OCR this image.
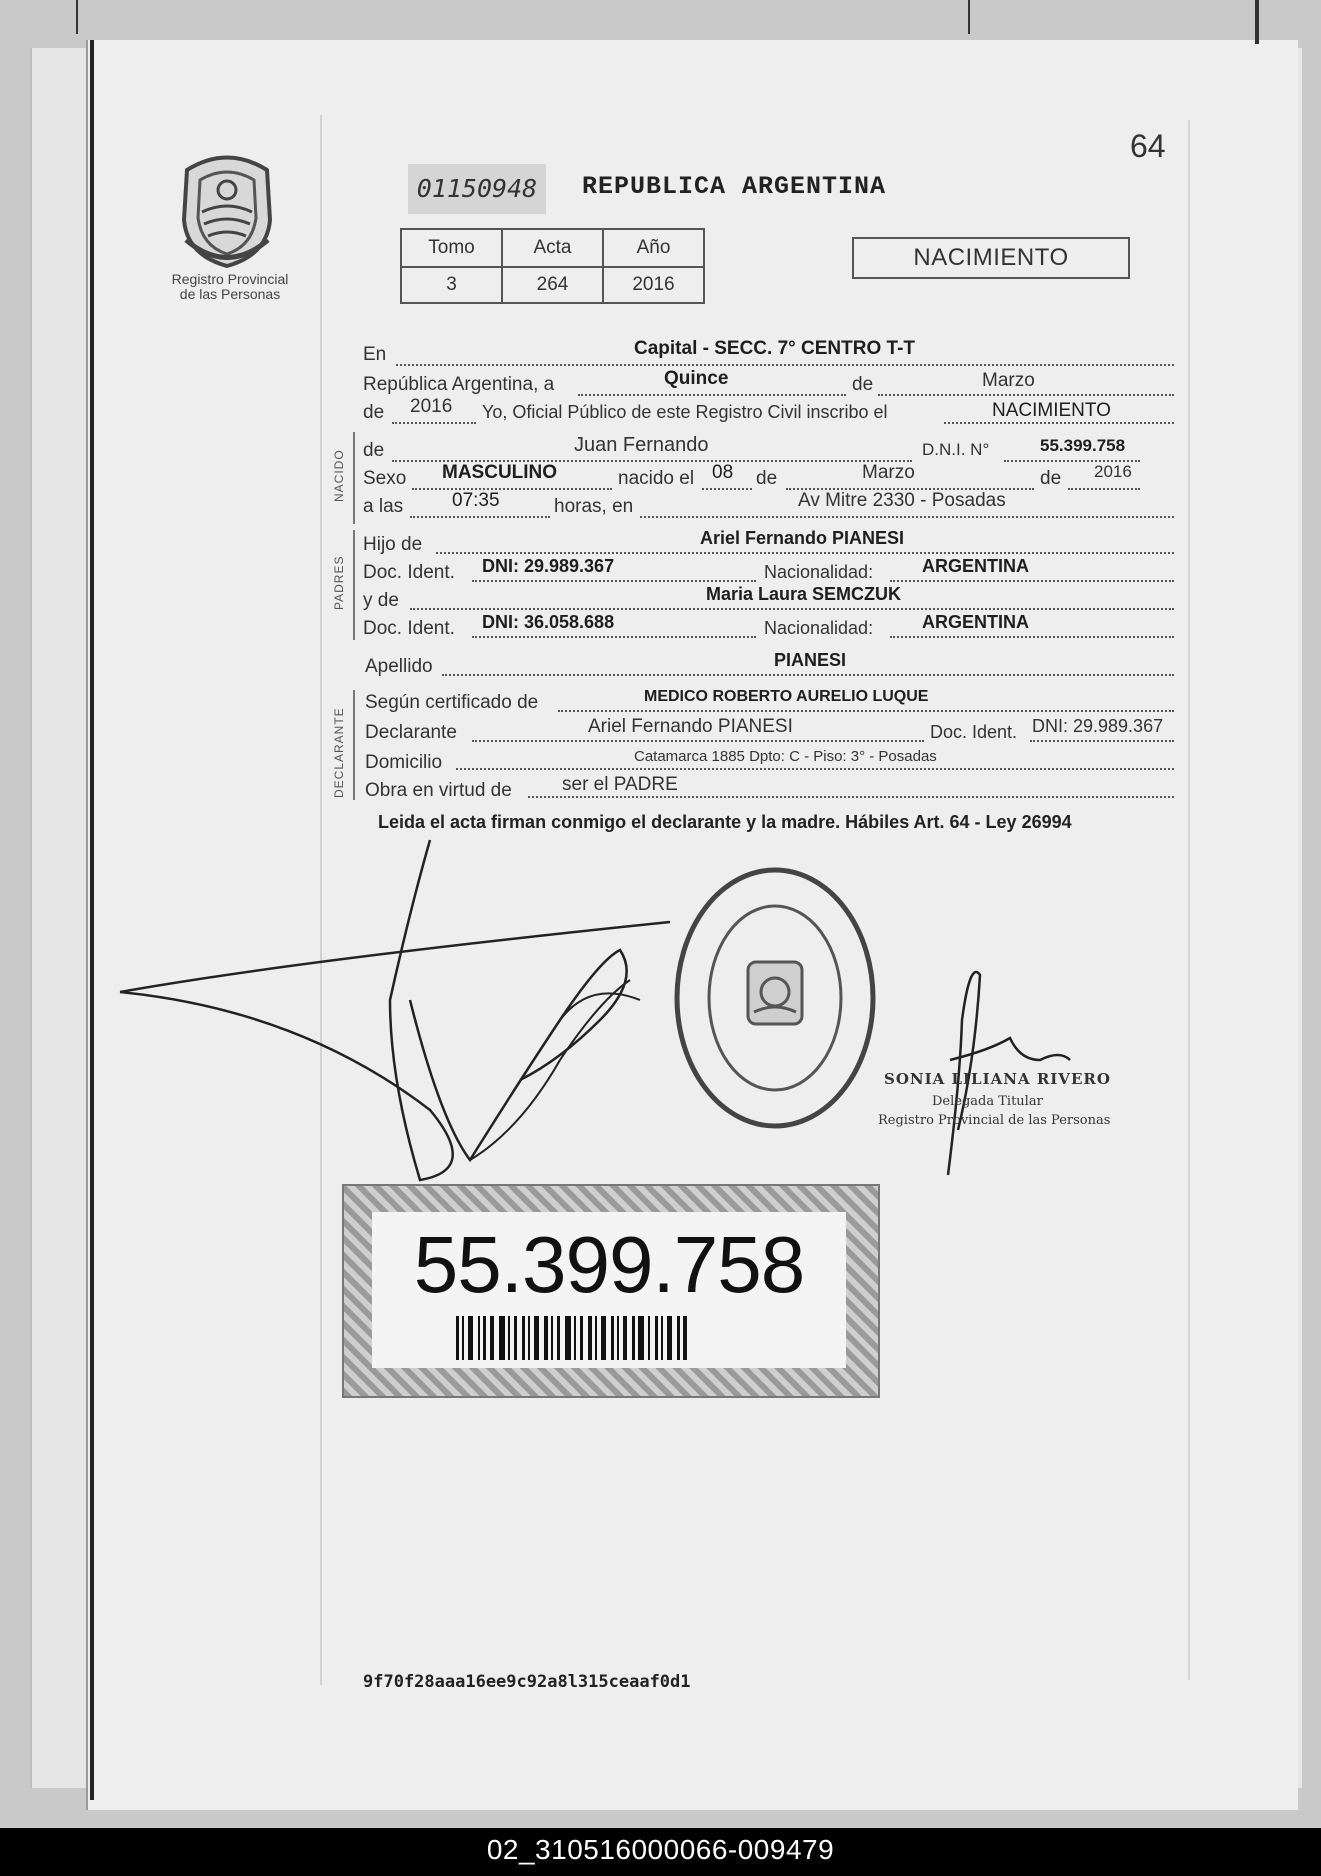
64
Registro Provincial
de las Personas
01150948	REPUBLICA ARGENTINA
Tomo	Acta	Año
3	264	2016
NACIMIENTO
NACIDO
PADRES
DECLARANTE
En	Capital - SECC. 7° CENTRO T-T
República Argentina, a	Quince	de	Marzo
de 2016 Yo, Oficial Público de este Registro Civil inscribo el	NACIMIENTO
de	Juan Fernando	D.N.I. N°	55.399.758
Sexo MASCULINO	nacido el 08 de	Marzo	de 2016
a las	07:35	horas, en	Av Mitre 2330 - Posadas
Hijo de	Ariel Fernando PIANESI
Doc. Ident. DNI: 29.989.367	Nacionalidad:	ARGENTINA
y de	Maria Laura SEMCZUK
Doc. Ident. DNI: 36.058.688	Nacionalidad:	ARGENTINA
Apellido	PIANESI
Según certificado de	MEDICO ROBERTO AURELIO LUQUE
Declarante	Ariel Fernando PIANESI	Doc. Ident. DNI: 29.989.367
Domicilio	Catamarca 1885 Dpto: C - Piso: 3° - Posadas
Obra en virtud de	ser el PADRE
Leida el acta firman conmigo el declarante y la madre. Hábiles Art. 64 - Ley 26994
SONIA LILIANA RIVERO
Delegada Titular
Registro Provincial de las Personas
55.399.758
9f70f28aaa16ee9c92a8l315ceaaf0d1
02_310516000066-009479
